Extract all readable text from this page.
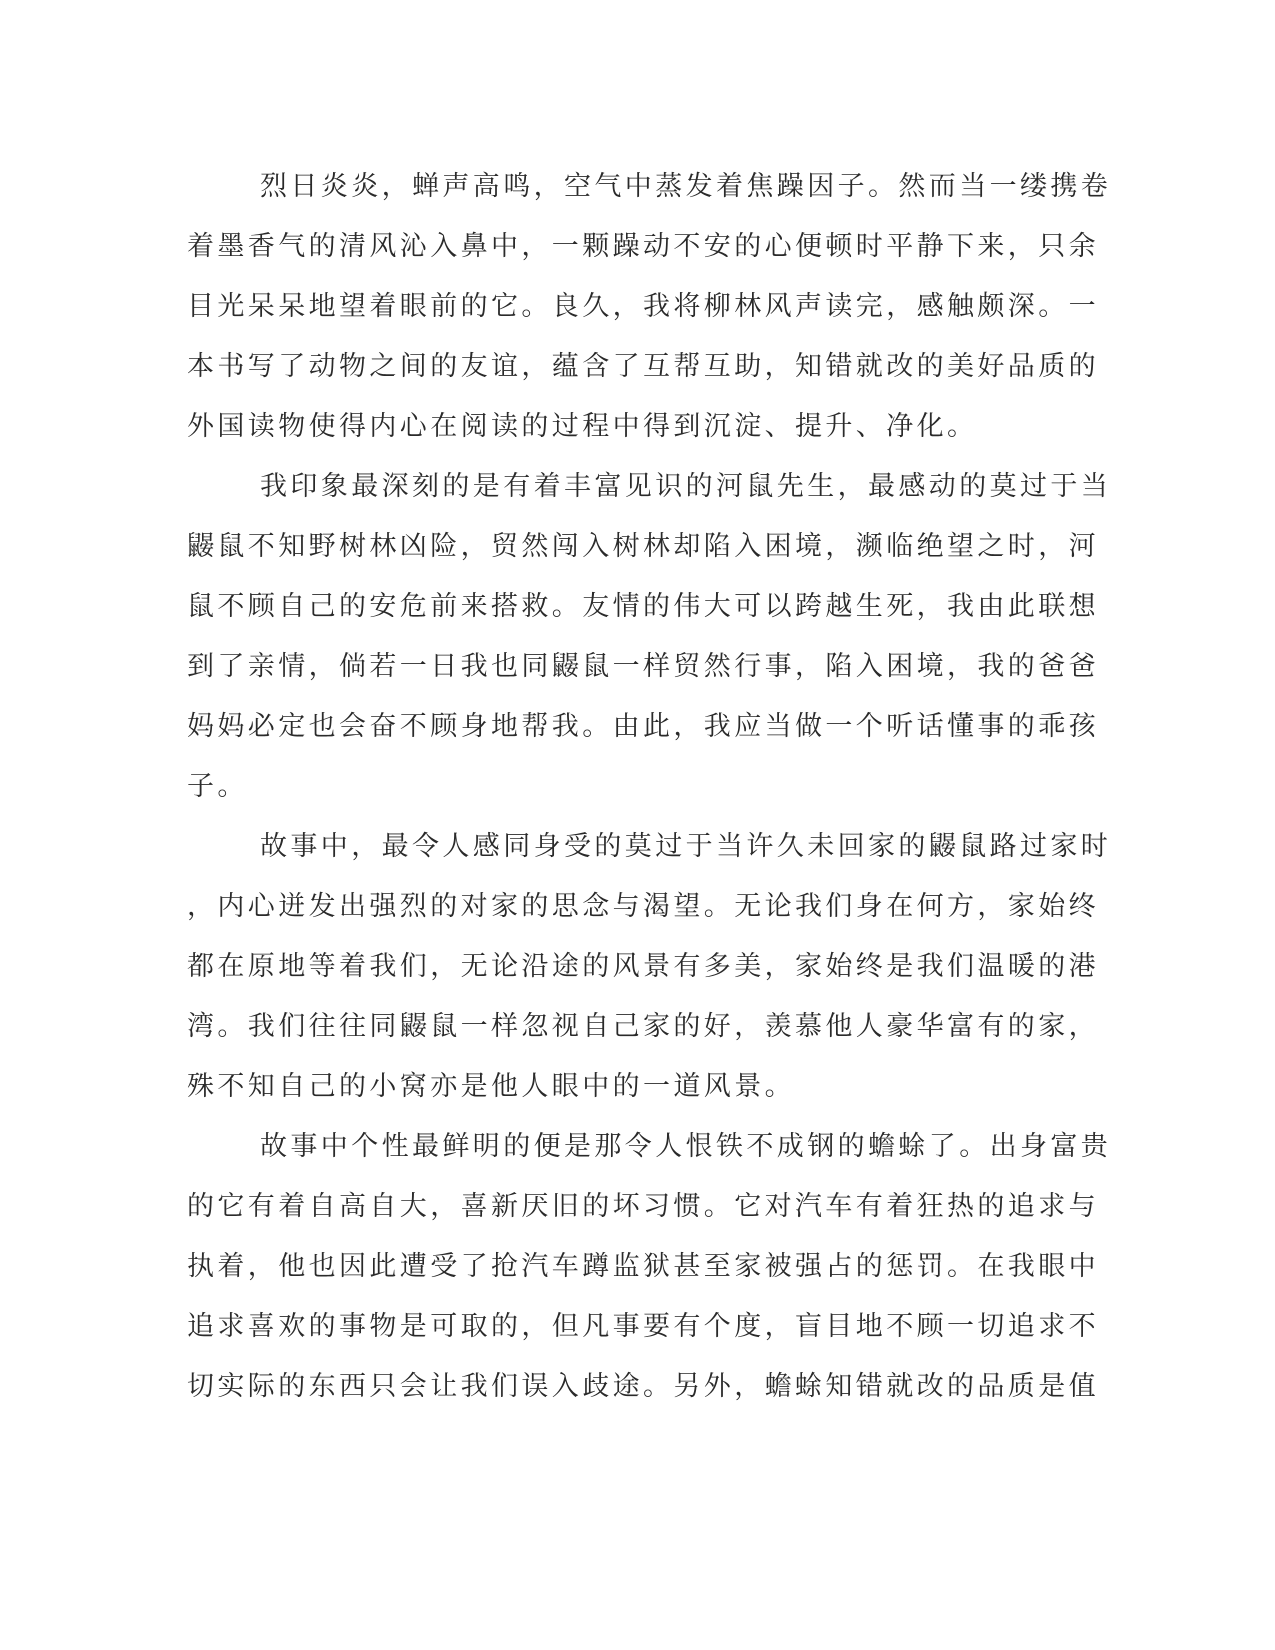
烈日炎炎，蝉声高鸣，空气中蒸发着焦躁因子。然而当一缕携卷
着墨香气的清风沁入鼻中，一颗躁动不安的心便顿时平静下来，只余
目光呆呆地望着眼前的它。良久，我将柳林风声读完，感触颇深。一
本书写了动物之间的友谊，蕴含了互帮互助，知错就改的美好品质的
外国读物使得内心在阅读的过程中得到沉淀、提升、净化。
我印象最深刻的是有着丰富见识的河鼠先生，最感动的莫过于当
鼹鼠不知野树林凶险，贸然闯入树林却陷入困境，濒临绝望之时，河
鼠不顾自己的安危前来搭救。友情的伟大可以跨越生死，我由此联想
到了亲情，倘若一日我也同鼹鼠一样贸然行事，陷入困境，我的爸爸
妈妈必定也会奋不顾身地帮我。由此，我应当做一个听话懂事的乖孩
子。
故事中，最令人感同身受的莫过于当许久未回家的鼹鼠路过家时
，内心迸发出强烈的对家的思念与渴望。无论我们身在何方，家始终
都在原地等着我们，无论沿途的风景有多美，家始终是我们温暖的港
湾。我们往往同鼹鼠一样忽视自己家的好，羡慕他人豪华富有的家，
殊不知自己的小窝亦是他人眼中的一道风景。
故事中个性最鲜明的便是那令人恨铁不成钢的蟾蜍了。出身富贵
的它有着自高自大，喜新厌旧的坏习惯。它对汽车有着狂热的追求与
执着，他也因此遭受了抢汽车蹲监狱甚至家被强占的惩罚。在我眼中
追求喜欢的事物是可取的，但凡事要有个度，盲目地不顾一切追求不
切实际的东西只会让我们误入歧途。另外，蟾蜍知错就改的品质是值
